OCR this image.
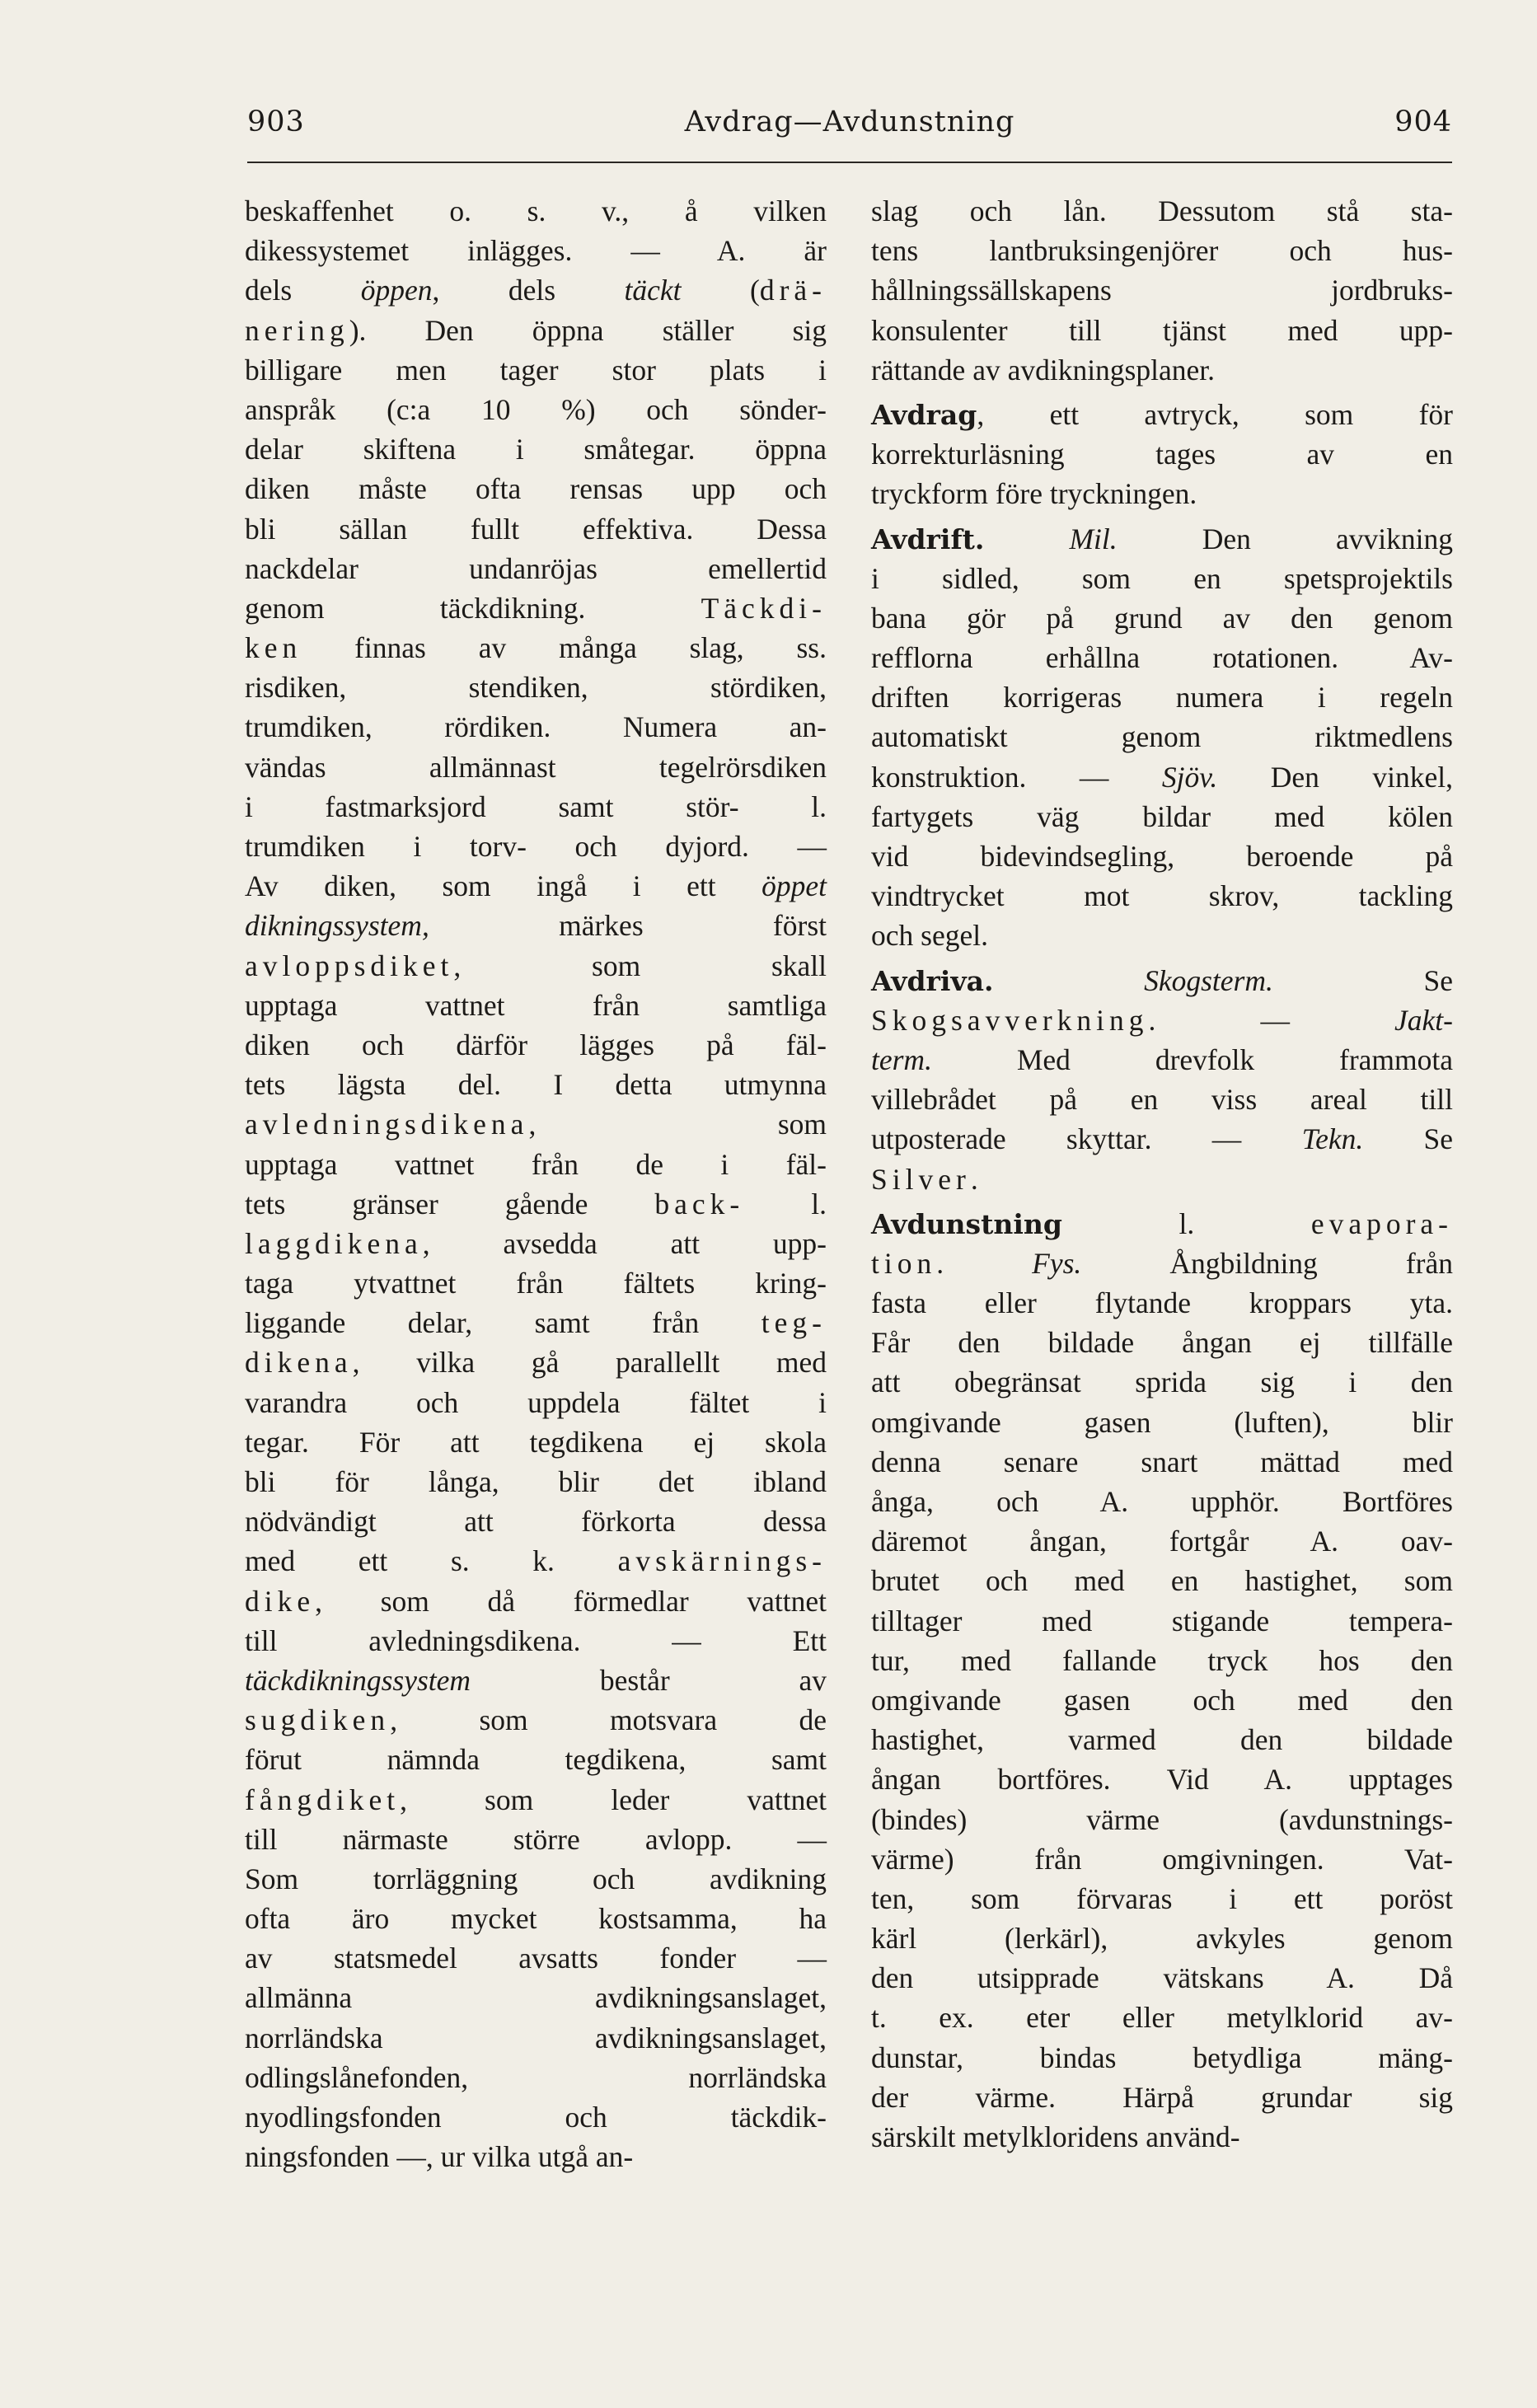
903	Avdrag—Avdunstning	904
beskaffenhet o. s. v., å vilken
dikessystemet inlägges. — A. är
dels öppen, dels täckt (drä-
nering). Den öppna ställer sig
billigare men tager stor plats i
anspråk (c:a 10 %) och sönder-
delar skiftena i småtegar. öppna
diken måste ofta rensas upp och
bli sällan fullt effektiva. Dessa
nackdelar undanröjas emellertid
genom täckdikning. Täckdi-
ken finnas av många slag, ss.
risdiken, stendiken, stördiken,
trumdiken, rördiken. Numera an-
vändas allmännast tegelrörsdiken
i fastmarksjord samt stör- l.
trumdiken i torv- och dyjord. —
Av diken, som ingå i ett öppet
dikningssystem, märkes först
avloppsdiket, som skall
upptaga vattnet från samtliga
diken och därför lägges på fäl-
tets lägsta del. I detta utmynna
avledningsdikena, som
upptaga vattnet från de i fäl-
tets gränser gående back- l.
laggdikena, avsedda att upp-
taga ytvattnet från fältets kring-
liggande delar, samt från teg-
dikena, vilka gå parallellt med
varandra och uppdela fältet i
tegar. För att tegdikena ej skola
bli för långa, blir det ibland
nödvändigt att förkorta dessa
med ett s. k. avskärnings-
dike, som då förmedlar vattnet
till avledningsdikena. — Ett
täckdikningssystem består av
sugdiken, som motsvara de
förut nämnda tegdikena, samt
fångdiket, som leder vattnet
till närmaste större avlopp. —
Som torrläggning och avdikning
ofta äro mycket kostsamma, ha
av statsmedel avsatts fonder —
allmänna avdikningsanslaget,
norrländska avdikningsanslaget,
odlingslånefonden, norrländska
nyodlingsfonden och täckdik-
ningsfonden —, ur vilka utgå an-
slag och lån. Dessutom stå sta-
tens lantbruksingenjörer och hus-
hållningssällskapens jordbruks-
konsulenter till tjänst med upp-
rättande av avdikningsplaner.
Avdrag, ett avtryck, som för
korrekturläsning tages av en
tryckform före tryckningen.
Avdrift.	Mil. Den avvikning
i sidled, som en spetsprojektils
bana gör på grund av den genom
refflorna erhållna rotationen. Av-
driften korrigeras numera i regeln
automatiskt genom riktmedlens
konstruktion. — Sjöv. Den vinkel,
fartygets väg bildar med kölen
vid bidevindsegling, beroende på
vindtrycket mot skrov, tackling
och segel.
Avdriva.	Skogsterm. Se
Skogsavverkning. — Jakt-
term. Med drevfolk frammota
villebrådet på en viss areal till
utposterade skyttar. — Tekn. Se
Silver.
Avdunstning l. evapora-
tion. Fys. Ångbildning från
fasta eller flytande kroppars yta.
Får den bildade ångan ej tillfälle
att obegränsat sprida sig i den
omgivande gasen (luften), blir
denna senare snart mättad med
ånga, och A. upphör. Bortföres
däremot ångan, fortgår A. oav-
brutet och med en hastighet, som
tilltager med stigande tempera-
tur, med fallande tryck hos den
omgivande gasen och med den
hastighet, varmed den bildade
ångan bortföres. Vid A. upptages
(bindes) värme (avdunstnings-
värme) från omgivningen. Vat-
ten, som förvaras i ett poröst
kärl (lerkärl), avkyles genom
den utsipprade vätskans A. Då
t. ex. eter eller metylklorid av-
dunstar, bindas betydliga mäng-
der värme. Härpå grundar sig
särskilt metylkloridens använd-
